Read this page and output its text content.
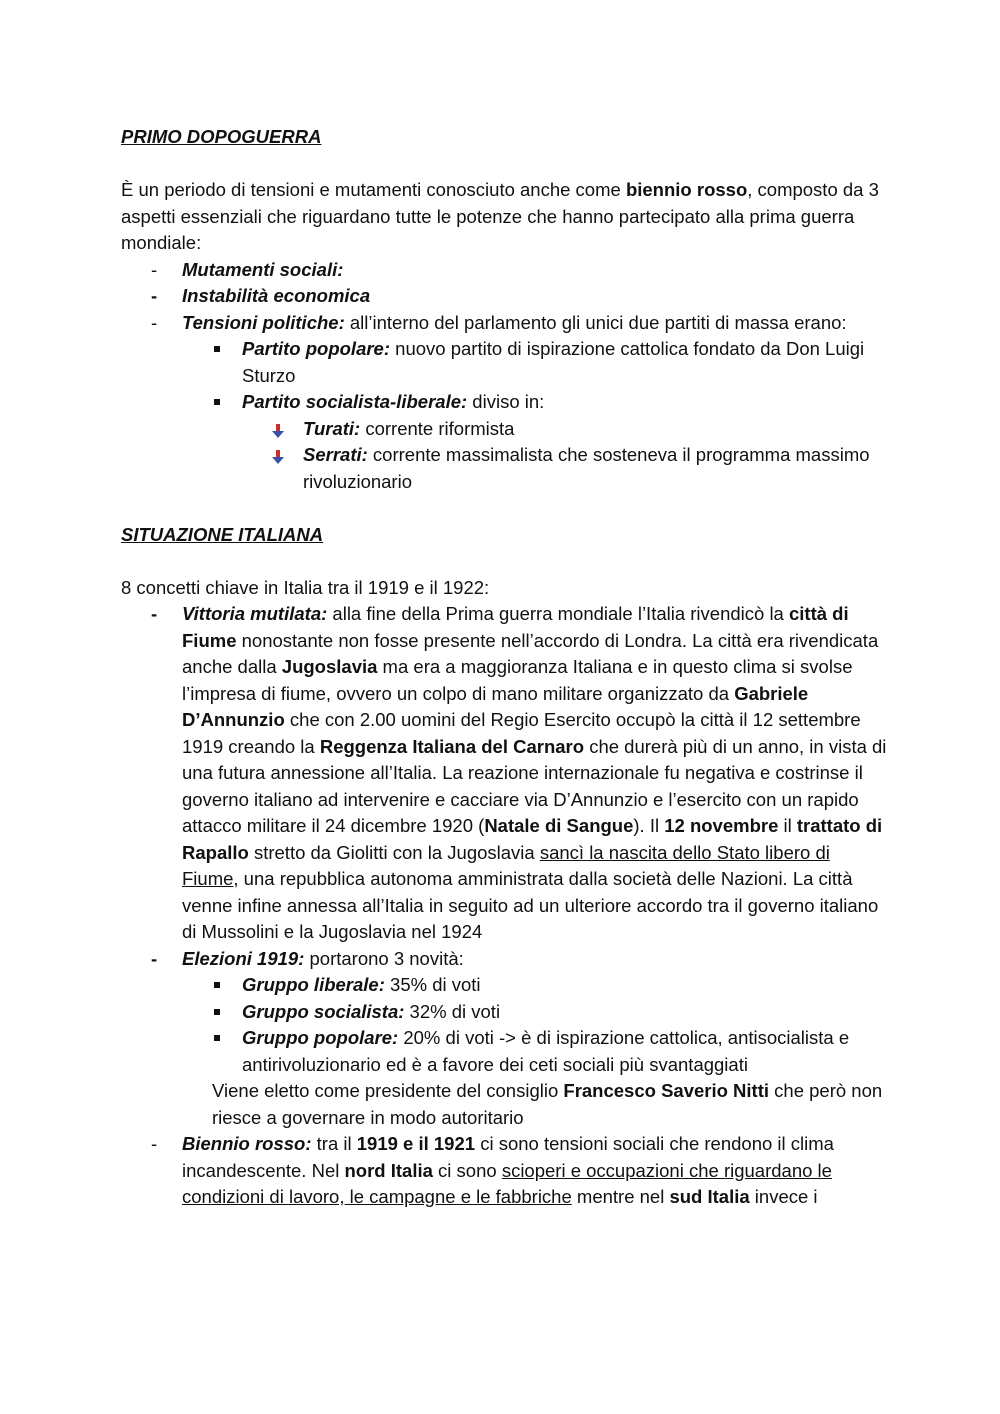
PRIMO DOPOGUERRA

È un periodo di tensioni e mutamenti conosciuto anche come biennio rosso, composto da 3 aspetti essenziali che riguardano tutte le potenze che hanno partecipato alla prima guerra mondiale:

- Mutamenti sociali:

- Instabilità economica

- Tensioni politiche: all’interno del parlamento gli unici due partiti di massa erano:

Partito popolare: nuovo partito di ispirazione cattolica fondato da Don Luigi Sturzo

Partito socialista-liberale: diviso in:

Turati: corrente riformista

Serrati: corrente massimalista che sosteneva il programma massimo rivoluzionario

SITUAZIONE ITALIANA

8 concetti chiave in Italia tra il 1919 e il 1922:

- Vittoria mutilata: alla fine della Prima guerra mondiale l’Italia rivendicò la città di Fiume nonostante non fosse presente nell’accordo di Londra. La città era rivendicata anche dalla Jugoslavia ma era a maggioranza Italiana e in questo clima si svolse l’impresa di fiume, ovvero un colpo di mano militare organizzato da Gabriele D’Annunzio che con 2.00 uomini del Regio Esercito occupò la città il 12 settembre 1919 creando la Reggenza Italiana del Carnaro che durerà più di un anno, in vista di una futura annessione all’Italia. La reazione internazionale fu negativa e costrinse il governo italiano ad intervenire e cacciare via D’Annunzio e l’esercito con un rapido attacco militare il 24 dicembre 1920 (Natale di Sangue). Il 12 novembre il trattato di Rapallo stretto da Giolitti con la Jugoslavia sancì la nascita dello Stato libero di Fiume, una repubblica autonoma amministrata dalla società delle Nazioni. La città venne infine annessa all’Italia in seguito ad un ulteriore accordo tra il governo italiano di Mussolini e la Jugoslavia nel 1924

- Elezioni 1919: portarono 3 novità:

Gruppo liberale: 35% di voti

Gruppo socialista: 32% di voti

Gruppo popolare: 20% di voti -> è di ispirazione cattolica, antisocialista e antirivoluzionario ed è a favore dei ceti sociali più svantaggiati

Viene eletto come presidente del consiglio Francesco Saverio Nitti che però non riesce a governare in modo autoritario

- Biennio rosso: tra il 1919 e il 1921 ci sono tensioni sociali che rendono il clima incandescente. Nel nord Italia ci sono scioperi e occupazioni che riguardano le condizioni di lavoro, le campagne e le fabbriche mentre nel sud Italia invece i
